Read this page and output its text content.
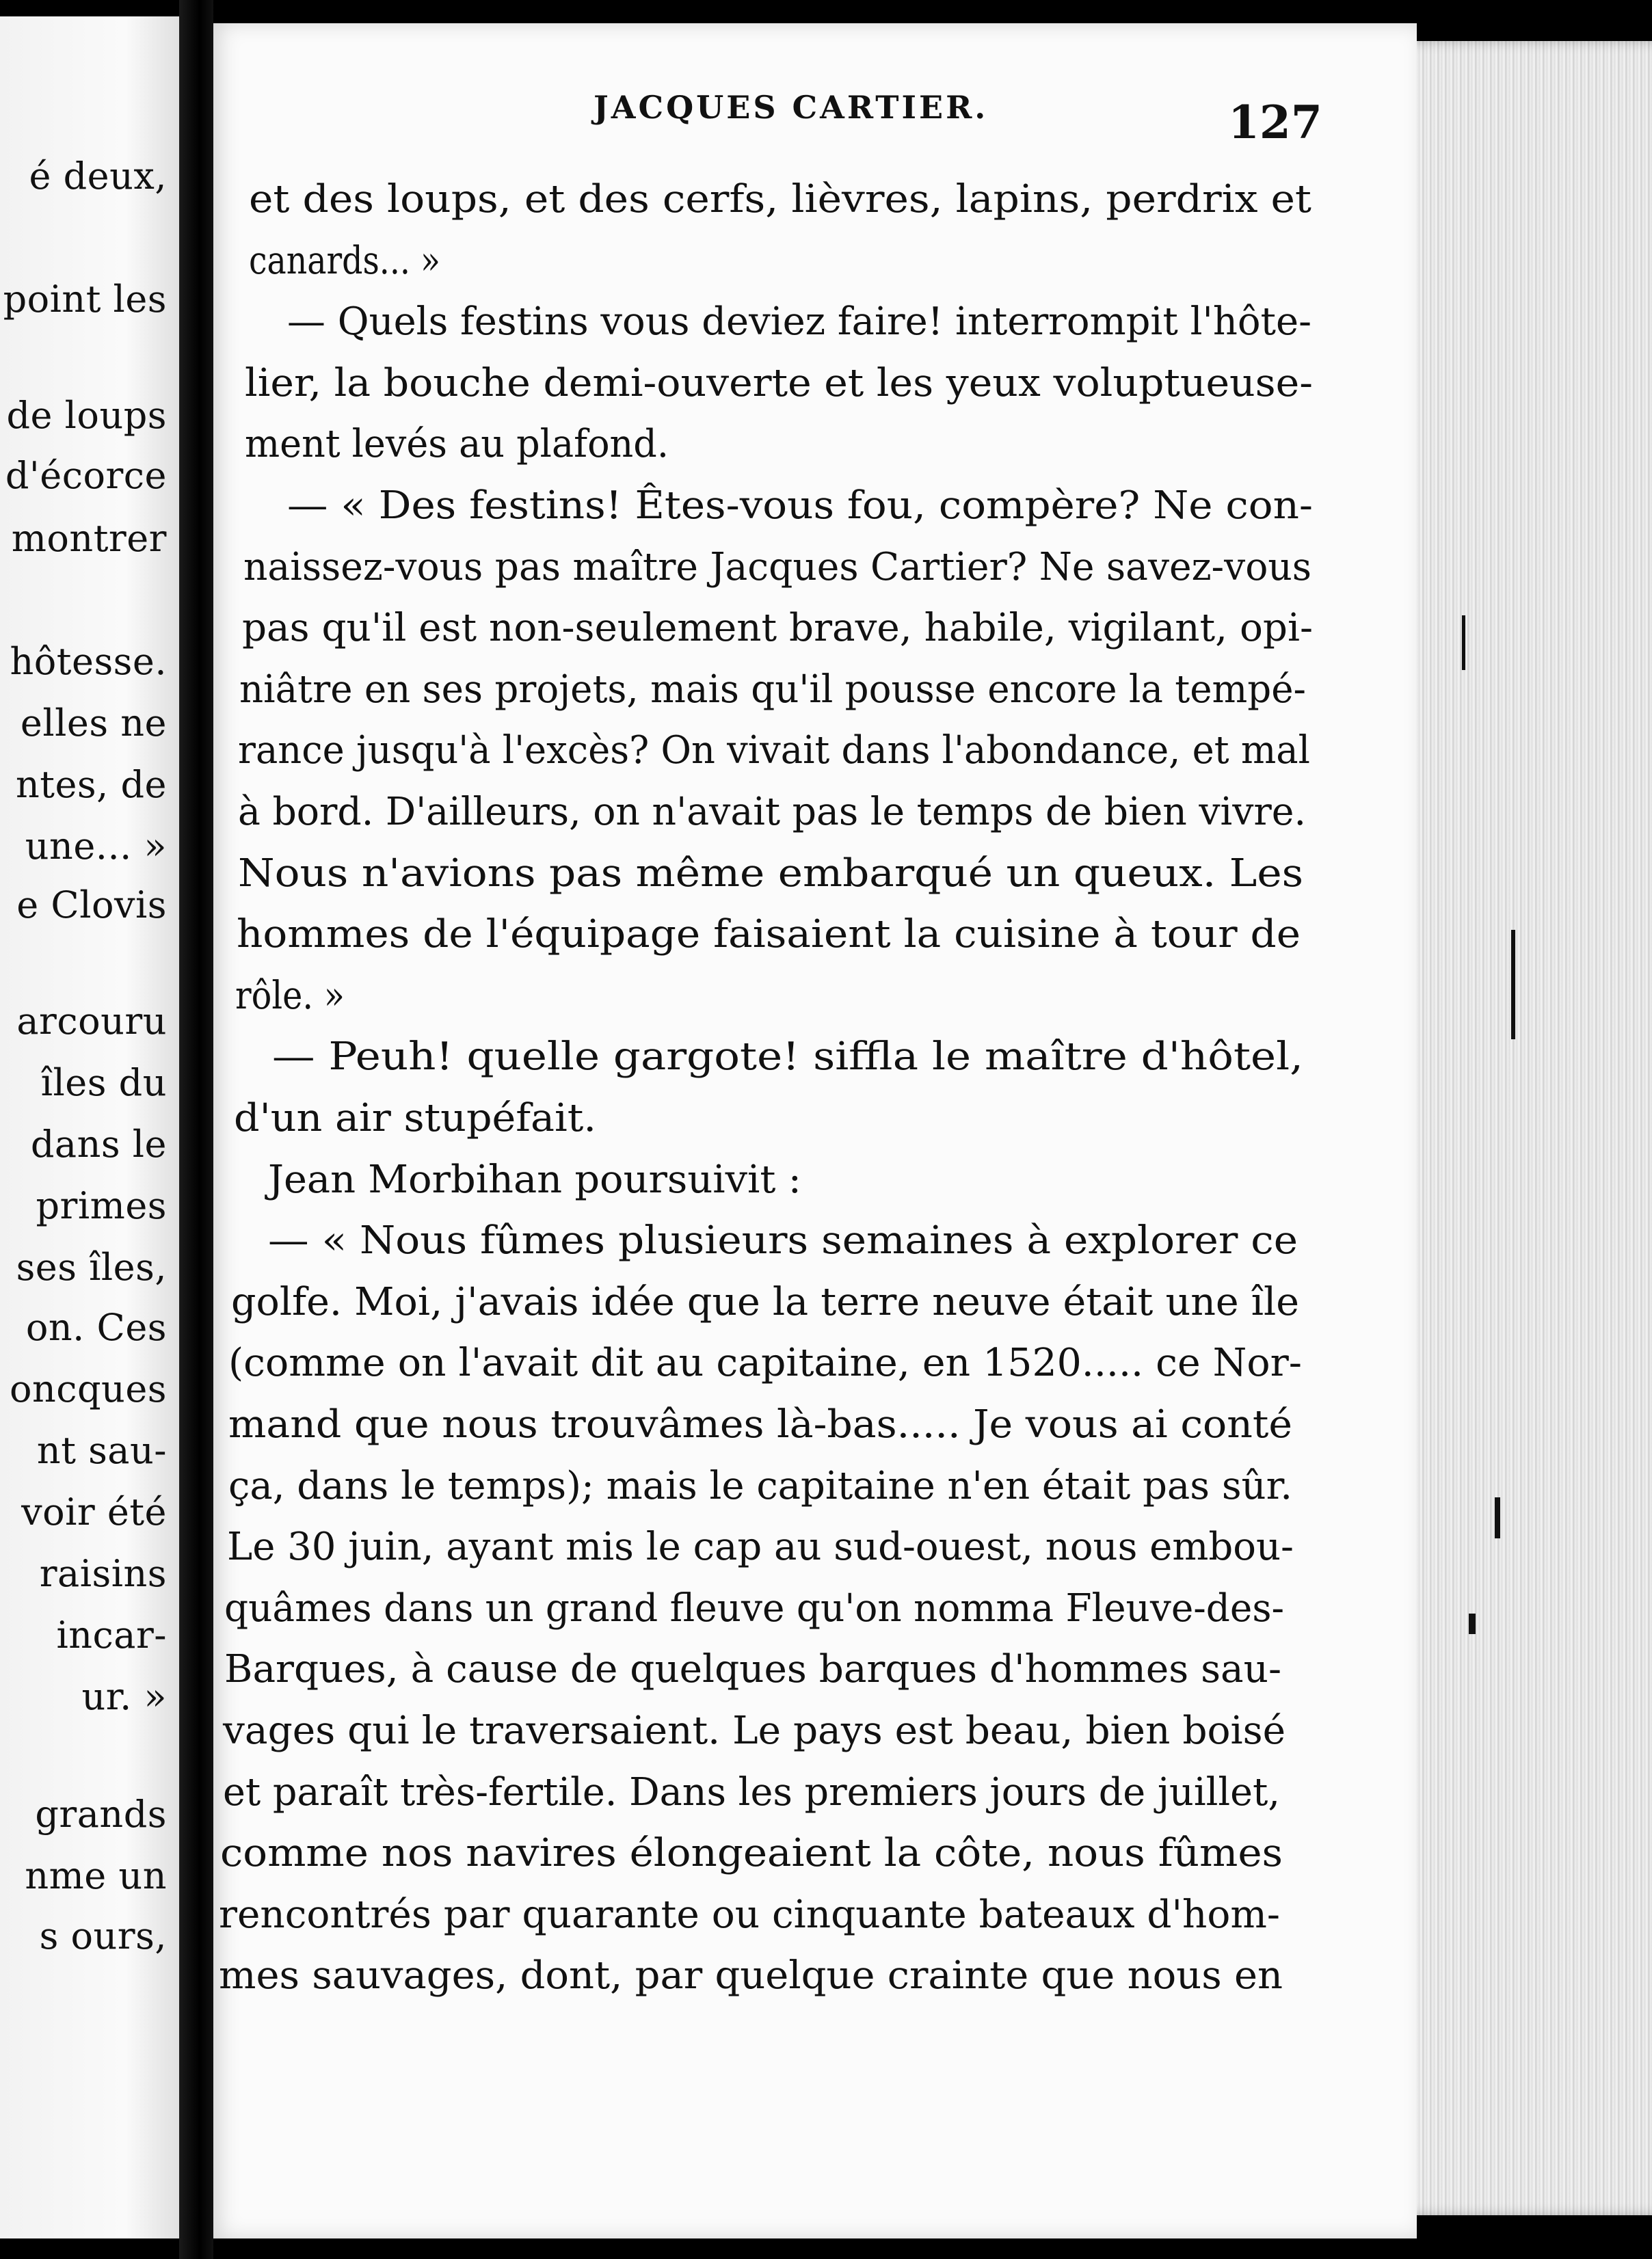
é deux,
point les
de loups
d'écorce
montrer
hôtesse.
elles ne
ntes, de
une... »
e Clovis
arcouru
îles du
dans le
primes
ses îles,
on. Ces
oncques
nt sau-
voir été
raisins
incar-
ur. »
grands
nme un
s ours,
JACQUES CARTIER.	127
et des loups, et des cerfs, lièvres, lapins, perdrix et
canards... »
— Quels festins vous deviez faire! interrompit l'hôte-
lier, la bouche demi-ouverte et les yeux voluptueuse-
ment levés au plafond.
— « Des festins! Êtes-vous fou, compère? Ne con-
naissez-vous pas maître Jacques Cartier? Ne savez-vous
pas qu'il est non-seulement brave, habile, vigilant, opi-
niâtre en ses projets, mais qu'il pousse encore la tempé-
rance jusqu'à l'excès? On vivait dans l'abondance, et mal
à bord. D'ailleurs, on n'avait pas le temps de bien vivre.
Nous n'avions pas même embarqué un queux. Les
hommes de l'équipage faisaient la cuisine à tour de
rôle. »
— Peuh! quelle gargote! siffla le maître d'hôtel,
d'un air stupéfait.
Jean Morbihan poursuivit :
— « Nous fûmes plusieurs semaines à explorer ce
golfe. Moi, j'avais idée que la terre neuve était une île
(comme on l'avait dit au capitaine, en 1520..... ce Nor-
mand que nous trouvâmes là-bas..... Je vous ai conté
ça, dans le temps); mais le capitaine n'en était pas sûr.
Le 30 juin, ayant mis le cap au sud-ouest, nous embou-
quâmes dans un grand fleuve qu'on nomma Fleuve-des-
Barques, à cause de quelques barques d'hommes sau-
vages qui le traversaient. Le pays est beau, bien boisé
et paraît très-fertile. Dans les premiers jours de juillet,
comme nos navires élongeaient la côte, nous fûmes
rencontrés par quarante ou cinquante bateaux d'hom-
mes sauvages, dont, par quelque crainte que nous en
